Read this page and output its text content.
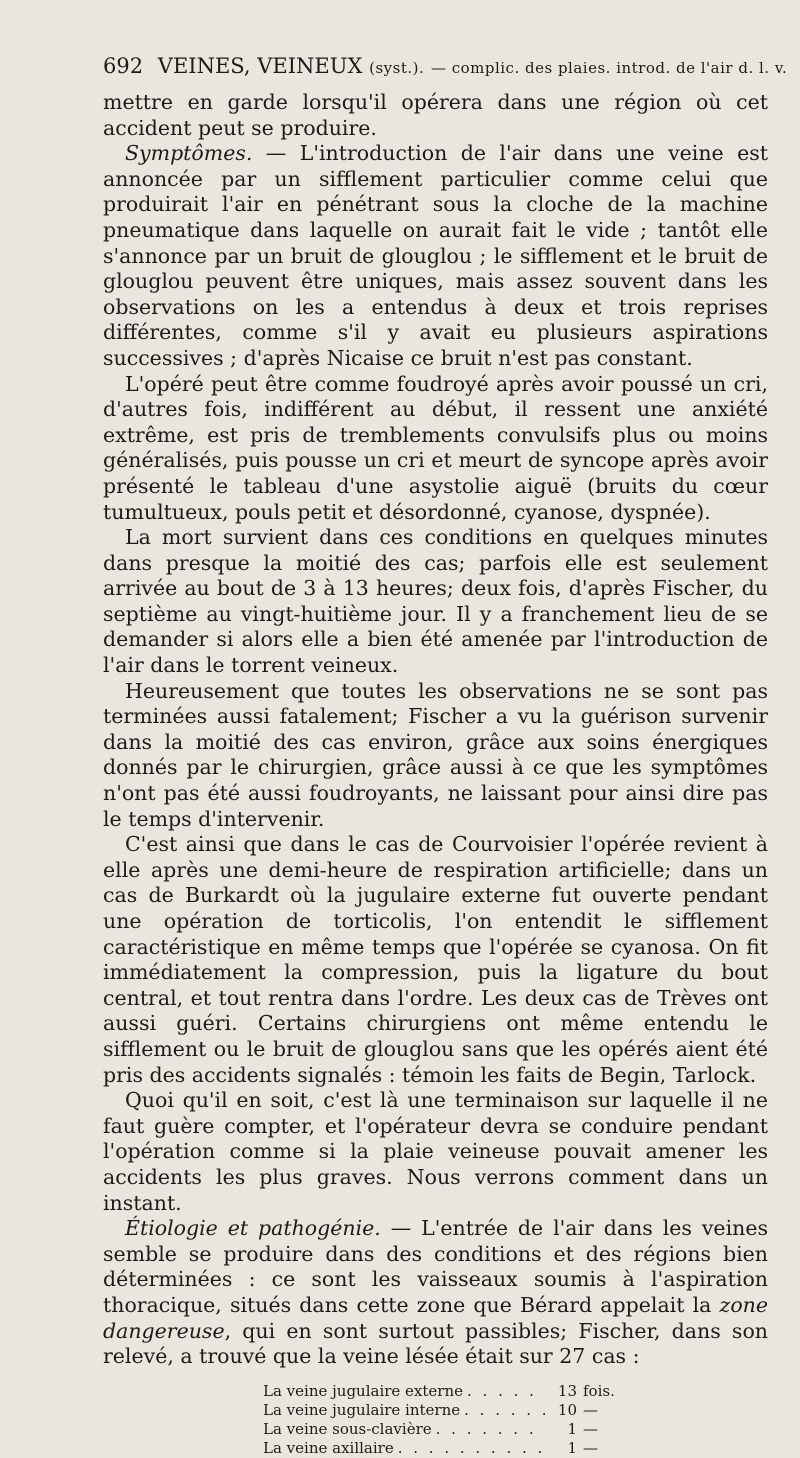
692 VEINES, VEINEUX (syst.). — complic. des plaies. introd. de l'air d. l. v.

mettre en garde lorsqu'il opérera dans une région où cet accident peut se produire.

Symptômes. — L'introduction de l'air dans une veine est annoncée par un sifflement particulier comme celui que produirait l'air en pénétrant sous la cloche de la machine pneumatique dans laquelle on aurait fait le vide ; tantôt elle s'annonce par un bruit de glouglou ; le sifflement et le bruit de glouglou peuvent être uniques, mais assez souvent dans les observations on les a entendus à deux et trois reprises différentes, comme s'il y avait eu plusieurs aspirations successives ; d'après Nicaise ce bruit n'est pas constant.

L'opéré peut être comme foudroyé après avoir poussé un cri, d'autres fois, indifférent au début, il ressent une anxiété extrême, est pris de tremblements convulsifs plus ou moins généralisés, puis pousse un cri et meurt de syncope après avoir présenté le tableau d'une asystolie aiguë (bruits du cœur tumultueux, pouls petit et désordonné, cyanose, dyspnée).

La mort survient dans ces conditions en quelques minutes dans presque la moitié des cas; parfois elle est seulement arrivée au bout de 3 à 13 heures; deux fois, d'après Fischer, du septième au vingt-huitième jour. Il y a franchement lieu de se demander si alors elle a bien été amenée par l'introduction de l'air dans le torrent veineux.

Heureusement que toutes les observations ne se sont pas terminées aussi fatalement; Fischer a vu la guérison survenir dans la moitié des cas environ, grâce aux soins énergiques donnés par le chirurgien, grâce aussi à ce que les symptômes n'ont pas été aussi foudroyants, ne laissant pour ainsi dire pas le temps d'intervenir.

C'est ainsi que dans le cas de Courvoisier l'opérée revient à elle après une demi-heure de respiration artificielle; dans un cas de Burkardt où la jugulaire externe fut ouverte pendant une opération de torticolis, l'on entendit le sifflement caractéristique en même temps que l'opérée se cyanosa. On fit immédiatement la compression, puis la ligature du bout central, et tout rentra dans l'ordre. Les deux cas de Trèves ont aussi guéri. Certains chirurgiens ont même entendu le sifflement ou le bruit de glouglou sans que les opérés aient été pris des accidents signalés : témoin les faits de Begin, Tarlock.

Quoi qu'il en soit, c'est là une terminaison sur laquelle il ne faut guère compter, et l'opérateur devra se conduire pendant l'opération comme si la plaie veineuse pouvait amener les accidents les plus graves. Nous verrons comment dans un instant.

Étiologie et pathogénie. — L'entrée de l'air dans les veines semble se produire dans des conditions et des régions bien déterminées : ce sont les vaisseaux soumis à l'aspiration thoracique, situés dans cette zone que Bérard appelait la zone dangereuse, qui en sont surtout passibles; Fischer, dans son relevé, a trouvé que la veine lésée était sur 27 cas :

La veine jugulaire externe . . .	13 fois.
La veine jugulaire interne . . .	10 —
La veine sous-clavière . . .	1 —
La veine axillaire . . .	1 —
